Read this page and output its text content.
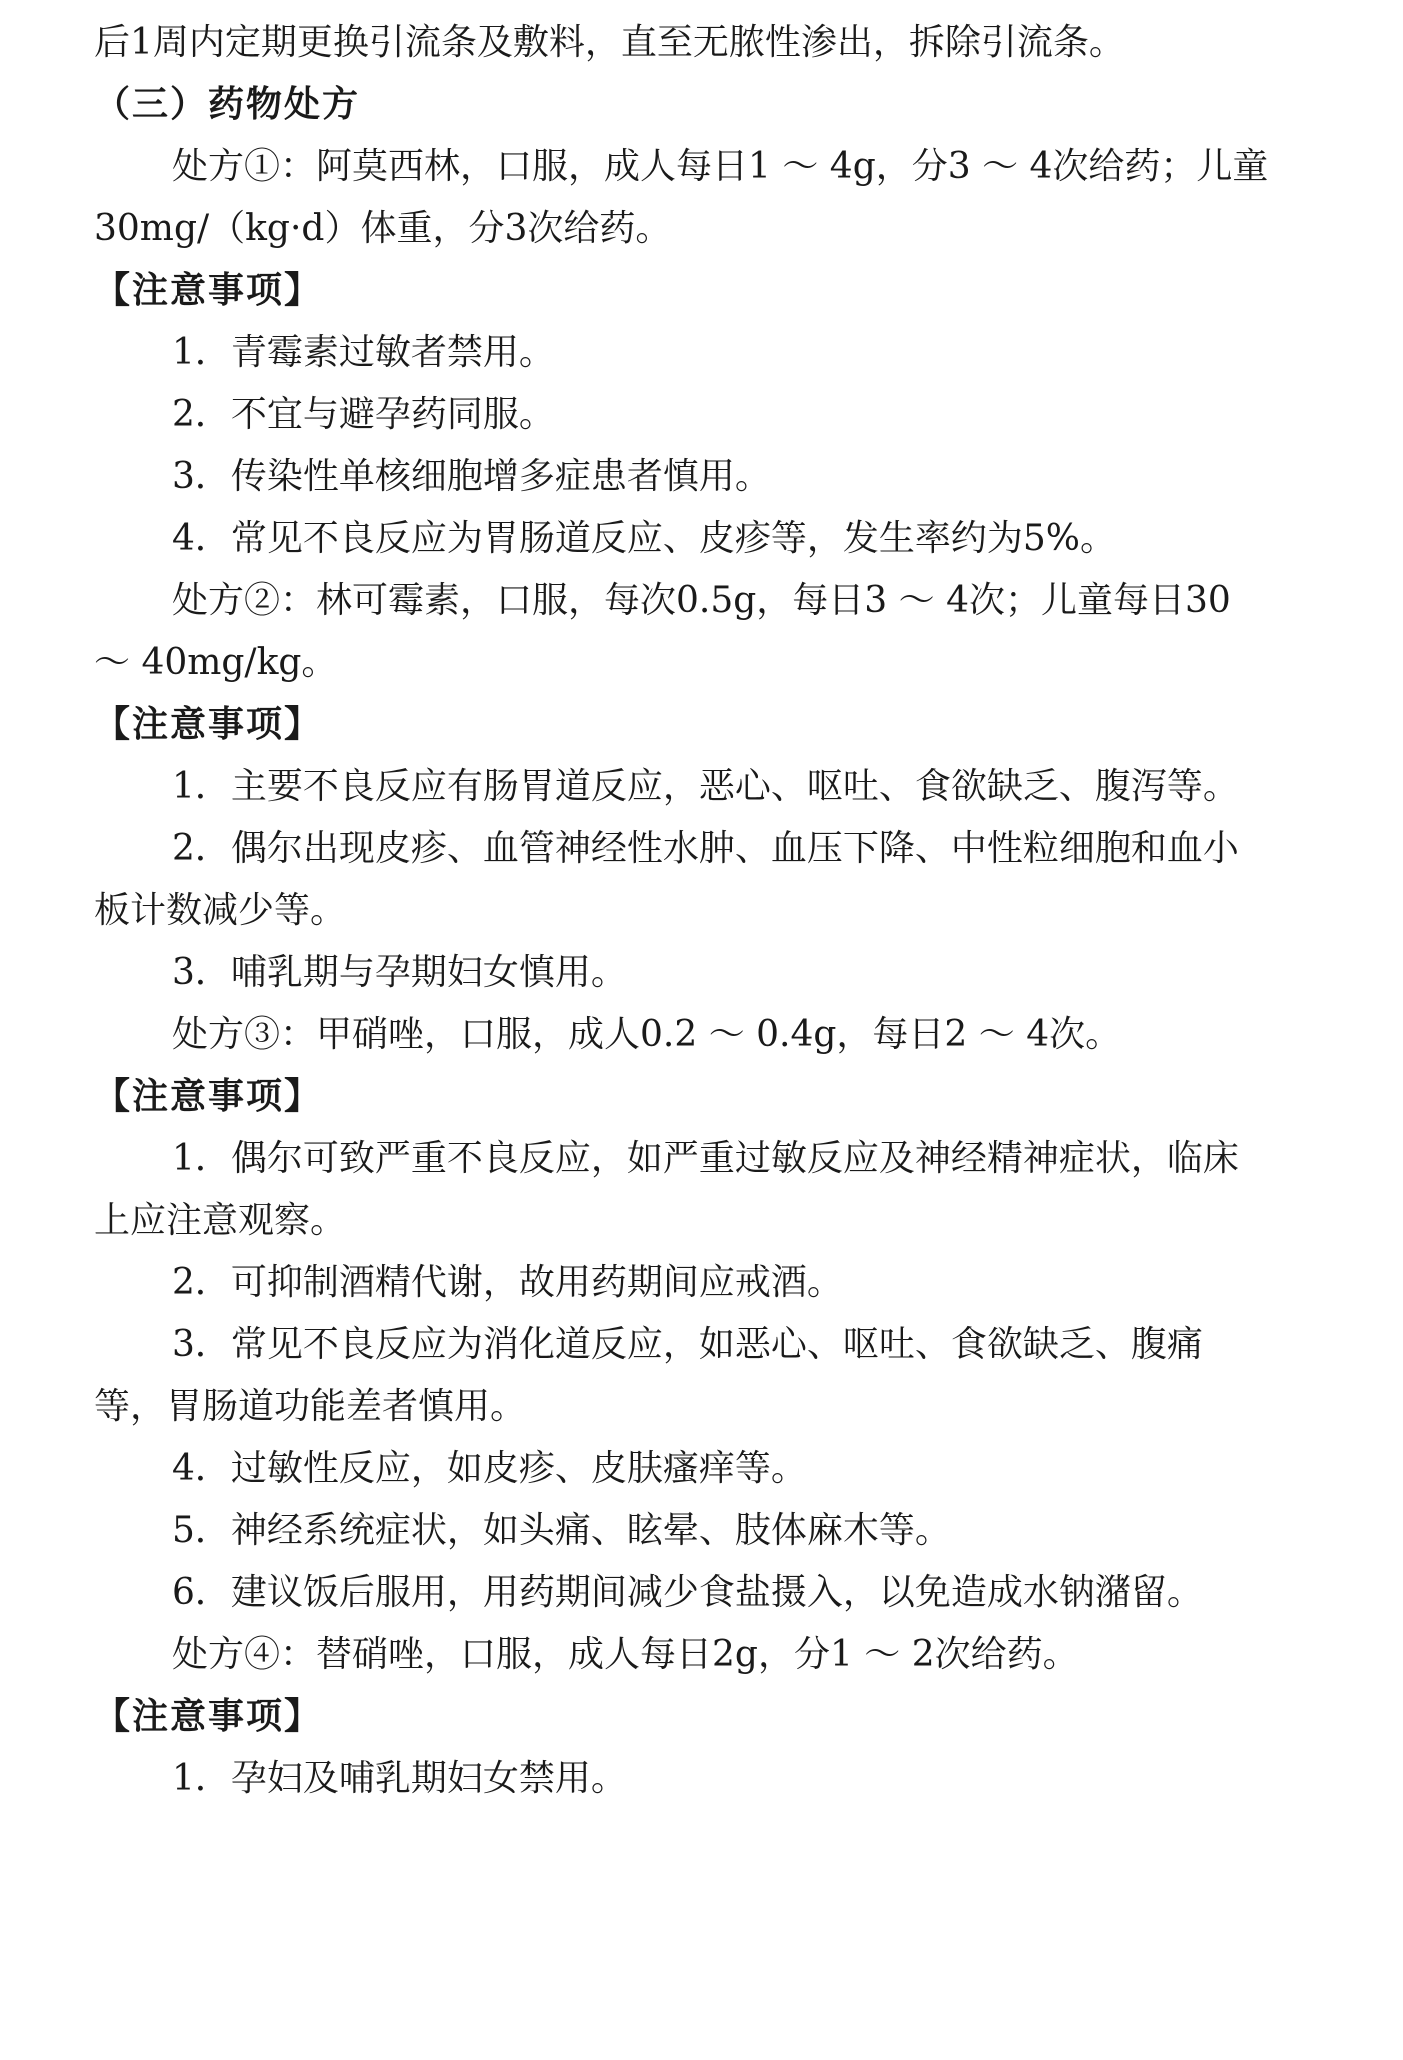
后1周内定期更换引流条及敷料，直至无脓性渗出，拆除引流条。

（三）药物处方

处方①：阿莫西林，口服，成人每日1 ～ 4g，分3 ～ 4次给药；儿童30mg/（kg·d）体重，分3次给药。

【注意事项】

1．青霉素过敏者禁用。

2．不宜与避孕药同服。

3．传染性单核细胞增多症患者慎用。

4．常见不良反应为胃肠道反应、皮疹等，发生率约为5%。

处方②：林可霉素，口服，每次0.5g，每日3 ～ 4次；儿童每日30 ～ 40mg/kg。

【注意事项】

1．主要不良反应有肠胃道反应，恶心、呕吐、食欲缺乏、腹泻等。

2．偶尔出现皮疹、血管神经性水肿、血压下降、中性粒细胞和血小板计数减少等。

3．哺乳期与孕期妇女慎用。

处方③：甲硝唑，口服，成人0.2 ～ 0.4g，每日2 ～ 4次。

【注意事项】

1．偶尔可致严重不良反应，如严重过敏反应及神经精神症状，临床上应注意观察。

2．可抑制酒精代谢，故用药期间应戒酒。

3．常见不良反应为消化道反应，如恶心、呕吐、食欲缺乏、腹痛等，胃肠道功能差者慎用。

4．过敏性反应，如皮疹、皮肤瘙痒等。

5．神经系统症状，如头痛、眩晕、肢体麻木等。

6．建议饭后服用，用药期间减少食盐摄入，以免造成水钠潴留。

处方④：替硝唑，口服，成人每日2g，分1 ～ 2次给药。

【注意事项】

1．孕妇及哺乳期妇女禁用。
